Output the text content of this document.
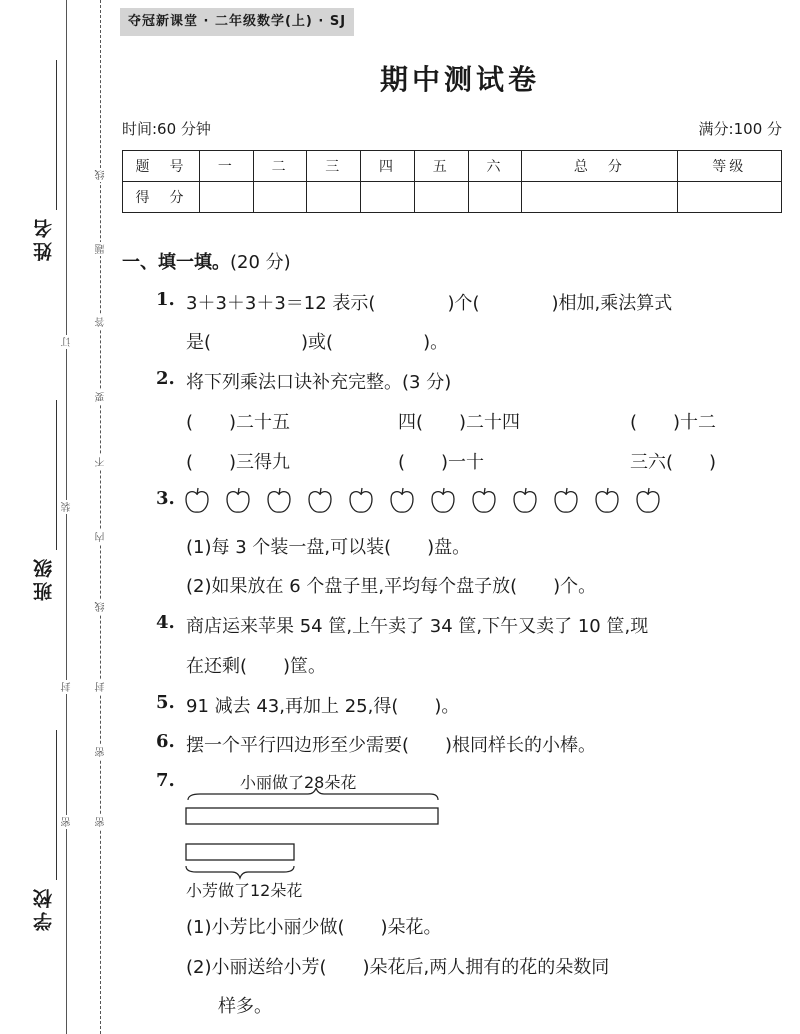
姓名
班级
学校
线
题
答
订
要
不
装
内
线
封 封
密
密 密
夺冠新课堂 · 二年级数学(上) · SJ
期中测试卷
时间:60 分钟	满分:100 分
题　号	一	二	三	四	五	六	总　分	等级
得　分								
一、填一填。(20 分)
1. 3＋3＋3＋3＝12 表示(　　　　)个(　　　　)相加,乘法算式
是(　　　　　)或(　　　　　)。
2. 将下列乘法口诀补充完整。(3 分)
(　　)二十五	四(　　)二十四	(　　)十二
(　　)三得九	(　　)一十	三六(　　)
3.
(1)每 3 个装一盘,可以装(　　)盘。
(2)如果放在 6 个盘子里,平均每个盘子放(　　)个。
4. 商店运来苹果 54 筐,上午卖了 34 筐,下午又卖了 10 筐,现
在还剩(　　)筐。
5. 91 减去 43,再加上 25,得(　　)。
6. 摆一个平行四边形至少需要(　　)根同样长的小棒。
7.	小丽做了28朵花
小芳做了12朵花
(1)小芳比小丽少做(　　)朵花。
(2)小丽送给小芳(　　)朵花后,两人拥有的花的朵数同
样多。
